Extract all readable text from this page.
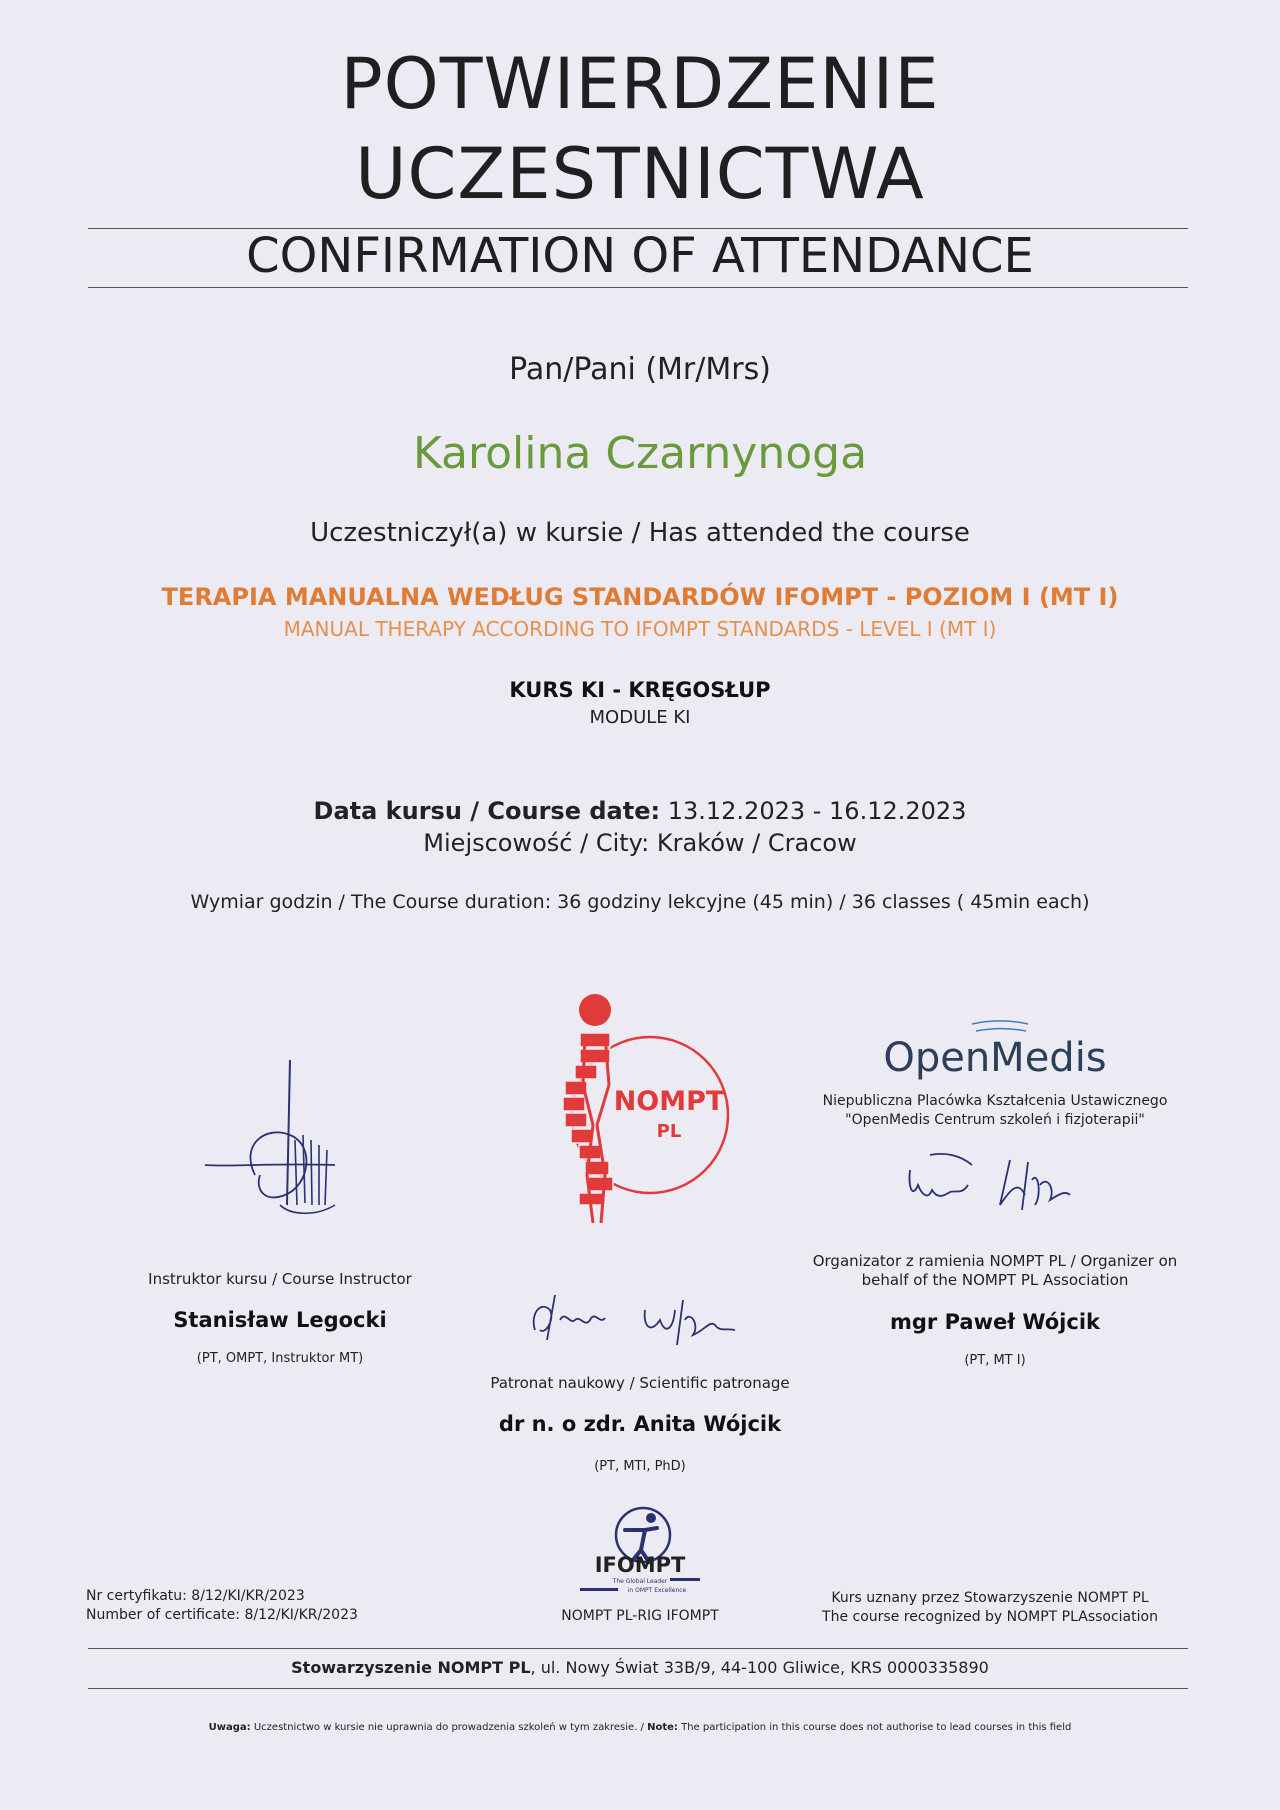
POTWIERDZENIE
UCZESTNICTWA
CONFIRMATION OF ATTENDANCE
Pan/Pani (Mr/Mrs)
Karolina Czarnynoga
Uczestniczył(a) w kursie / Has attended the course
TERAPIA MANUALNA WEDŁUG STANDARDÓW IFOMPT - POZIOM I (MT I)
MANUAL THERAPY ACCORDING TO IFOMPT STANDARDS - LEVEL I (MT I)
KURS KI - KRĘGOSŁUP
MODULE KI
Data kursu / Course date: 13.12.2023 - 16.12.2023
Miejscowość / City: Kraków / Cracow
Wymiar godzin / The Course duration: 36 godziny lekcyjne (45 min) / 36 classes ( 45min each)
Instruktor kursu / Course Instructor
Stanisław Legocki
(PT, OMPT, Instruktor MT)
NOMPT
PL
Patronat naukowy / Scientific patronage
dr n. o zdr. Anita Wójcik
(PT, MTI, PhD)
OpenMedis
Niepubliczna Placówka Kształcenia Ustawicznego
"OpenMedis Centrum szkoleń i fizjoterapii"
Organizator z ramienia NOMPT PL / Organizer on
behalf of the NOMPT PL Association
mgr Paweł Wójcik
(PT, MT I)
IFOMPT
The Global Leader
in OMPT Excellence
NOMPT PL-RIG IFOMPT
Nr certyfikatu: 8/12/KI/KR/2023
Number of certificate: 8/12/KI/KR/2023
Kurs uznany przez Stowarzyszenie NOMPT PL
The course recognized by NOMPT PLAssociation
Stowarzyszenie NOMPT PL, ul. Nowy Świat 33B/9, 44-100 Gliwice, KRS 0000335890
Uwaga: Uczestnictwo w kursie nie uprawnia do prowadzenia szkoleń w tym zakresie. / Note: The participation in this course does not authorise to lead courses in this field
